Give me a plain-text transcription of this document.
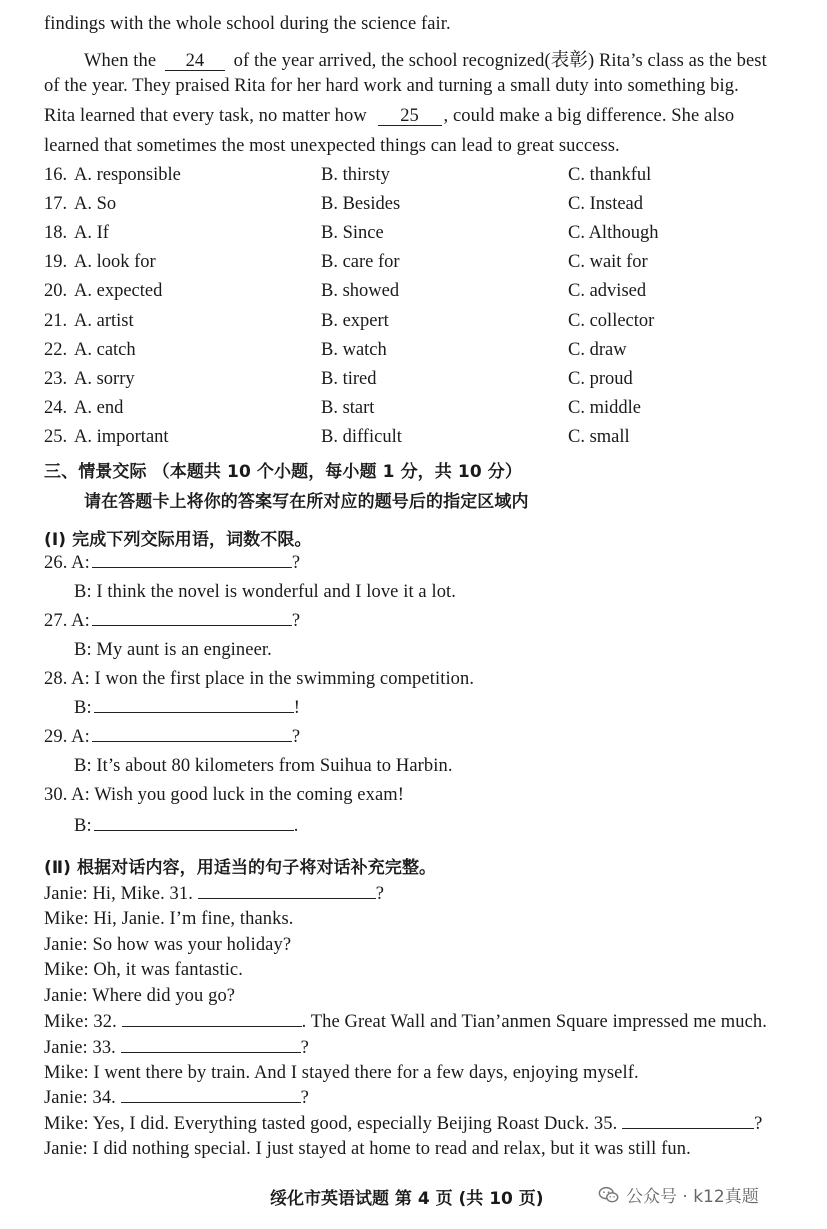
findings with the whole school during the science fair.
When the 24 of the year arrived, the school recognized(表彰) Rita’s class as the best
of the year. They praised Rita for her hard work and turning a small duty into something big.
Rita learned that every task, no matter how 25 , could make a big difference. She also
learned that sometimes the most unexpected things can lead to great success.
16. A. responsible	B. thirsty	C. thankful
17. A. So	B. Besides	C. Instead
18. A. If	B. Since	C. Although
19. A. look for	B. care for	C. wait for
20. A. expected	B. showed	C. advised
21. A. artist	B. expert	C. collector
22. A. catch	B. watch	C. draw
23. A. sorry	B. tired	C. proud
24. A. end	B. start	C. middle
25. A. important	B. difficult	C. small
三、情景交际 （本题共 10 个小题，每小题 1 分，共 10 分）
请在答题卡上将你的答案写在所对应的题号后的指定区域内
(Ⅰ) 完成下列交际用语，词数不限。
26. A:	?
B: I think the novel is wonderful and I love it a lot.
27. A:	?
B: My aunt is an engineer.
28. A: I won the first place in the swimming competition.
B:	!
29. A:	?
B: It’s about 80 kilometers from Suihua to Harbin.
30. A: Wish you good luck in the coming exam!
B:	.
(Ⅱ) 根据对话内容，用适当的句子将对话补充完整。
Janie: Hi, Mike. 31.	?
Mike: Hi, Janie. I’m fine, thanks.
Janie: So how was your holiday?
Mike: Oh, it was fantastic.
Janie: Where did you go?
Mike: 32.	. The Great Wall and Tian’anmen Square impressed me much.
Janie: 33.	?
Mike: I went there by train. And I stayed there for a few days, enjoying myself.
Janie: 34.	?
Mike: Yes, I did. Everything tasted good, especially Beijing Roast Duck. 35.	?
Janie: I did nothing special. I just stayed at home to read and relax, but it was still fun.
绥化市英语试题 第 4 页 (共 10 页)	公众号 · k12真题
